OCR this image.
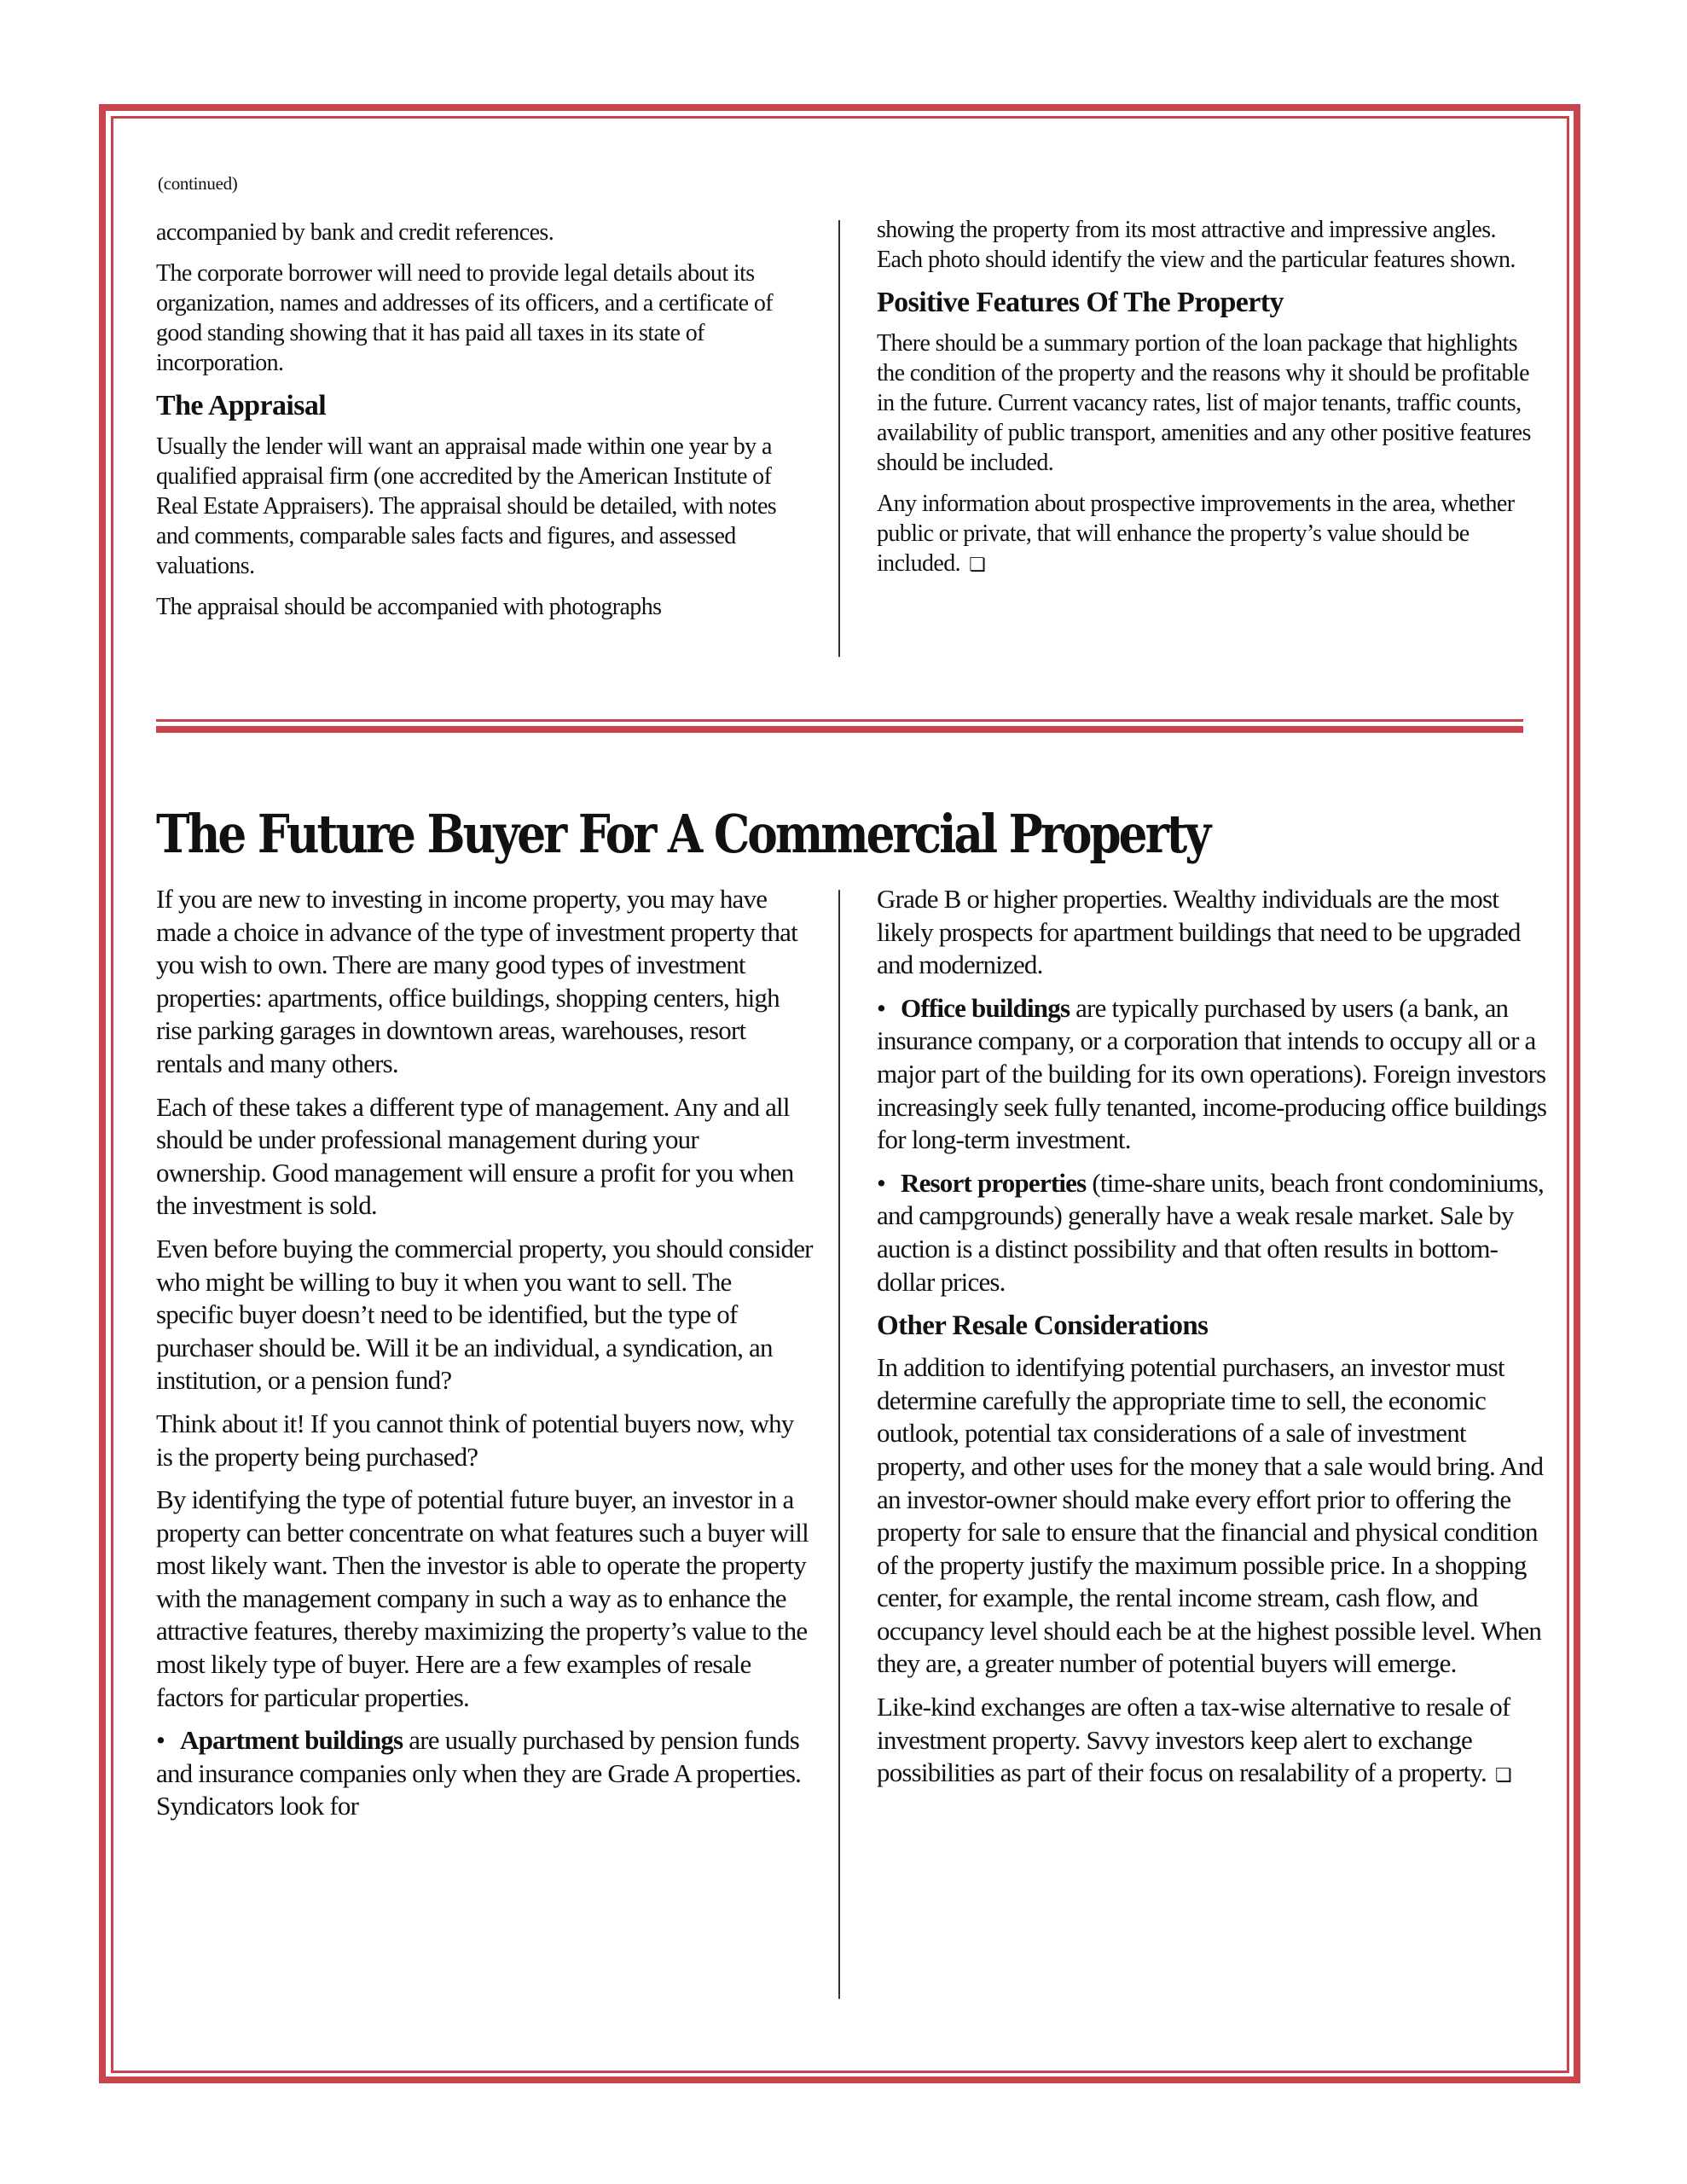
(continued)

accompanied by bank and credit references.

The corporate borrower will need to provide legal details about its organization, names and addresses of its officers, and a certificate of good standing showing that it has paid all taxes in its state of incorporation.

The Appraisal

Usually the lender will want an appraisal made within one year by a qualified appraisal firm (one accredited by the American Institute of Real Estate Appraisers). The appraisal should be detailed, with notes and comments, comparable sales facts and figures, and assessed valuations.

The appraisal should be accompanied with photographs

showing the property from its most attractive and impressive angles. Each photo should identify the view and the particular features shown.

Positive Features Of The Property

There should be a summary portion of the loan package that highlights the condition of the property and the reasons why it should be profitable in the future. Current vacancy rates, list of major tenants, traffic counts, availability of public transport, amenities and any other positive features should be included.

Any information about prospective improvements in the area, whether public or private, that will enhance the property’s value should be included. ❏

The Future Buyer For A Commercial Property

If you are new to investing in income property, you may have made a choice in advance of the type of investment property that you wish to own. There are many good types of investment properties: apartments, office buildings, shopping centers, high rise parking garages in downtown areas, warehouses, resort rentals and many others.

Each of these takes a different type of management. Any and all should be under professional management during your ownership. Good management will ensure a profit for you when the investment is sold.

Even before buying the commercial property, you should consider who might be willing to buy it when you want to sell. The specific buyer doesn’t need to be identified, but the type of purchaser should be. Will it be an individual, a syndication, an institution, or a pension fund?

Think about it! If you cannot think of potential buyers now, why is the property being purchased?

By identifying the type of potential future buyer, an investor in a property can better concentrate on what features such a buyer will most likely want. Then the investor is able to operate the property with the management company in such a way as to enhance the attractive features, thereby maximizing the property’s value to the most likely type of buyer. Here are a few examples of resale factors for particular properties.

• Apartment buildings are usually purchased by pension funds and insurance companies only when they are Grade A properties. Syndicators look for

Grade B or higher properties. Wealthy individuals are the most likely prospects for apartment buildings that need to be upgraded and modernized.

• Office buildings are typically purchased by users (a bank, an insurance company, or a corporation that intends to occupy all or a major part of the building for its own operations). Foreign investors increasingly seek fully tenanted, income-producing office buildings for long-term investment.

• Resort properties (time-share units, beach front condominiums, and campgrounds) generally have a weak resale market. Sale by auction is a distinct possibility and that often results in bottom-dollar prices.

Other Resale Considerations

In addition to identifying potential purchasers, an investor must determine carefully the appropriate time to sell, the economic outlook, potential tax considerations of a sale of investment property, and other uses for the money that a sale would bring. And an investor-owner should make every effort prior to offering the property for sale to ensure that the financial and physical condition of the property justify the maximum possible price. In a shopping center, for example, the rental income stream, cash flow, and occupancy level should each be at the highest possible level. When they are, a greater number of potential buyers will emerge.

Like-kind exchanges are often a tax-wise alternative to resale of investment property. Savvy investors keep alert to exchange possibilities as part of their focus on resalability of a property. ❏
